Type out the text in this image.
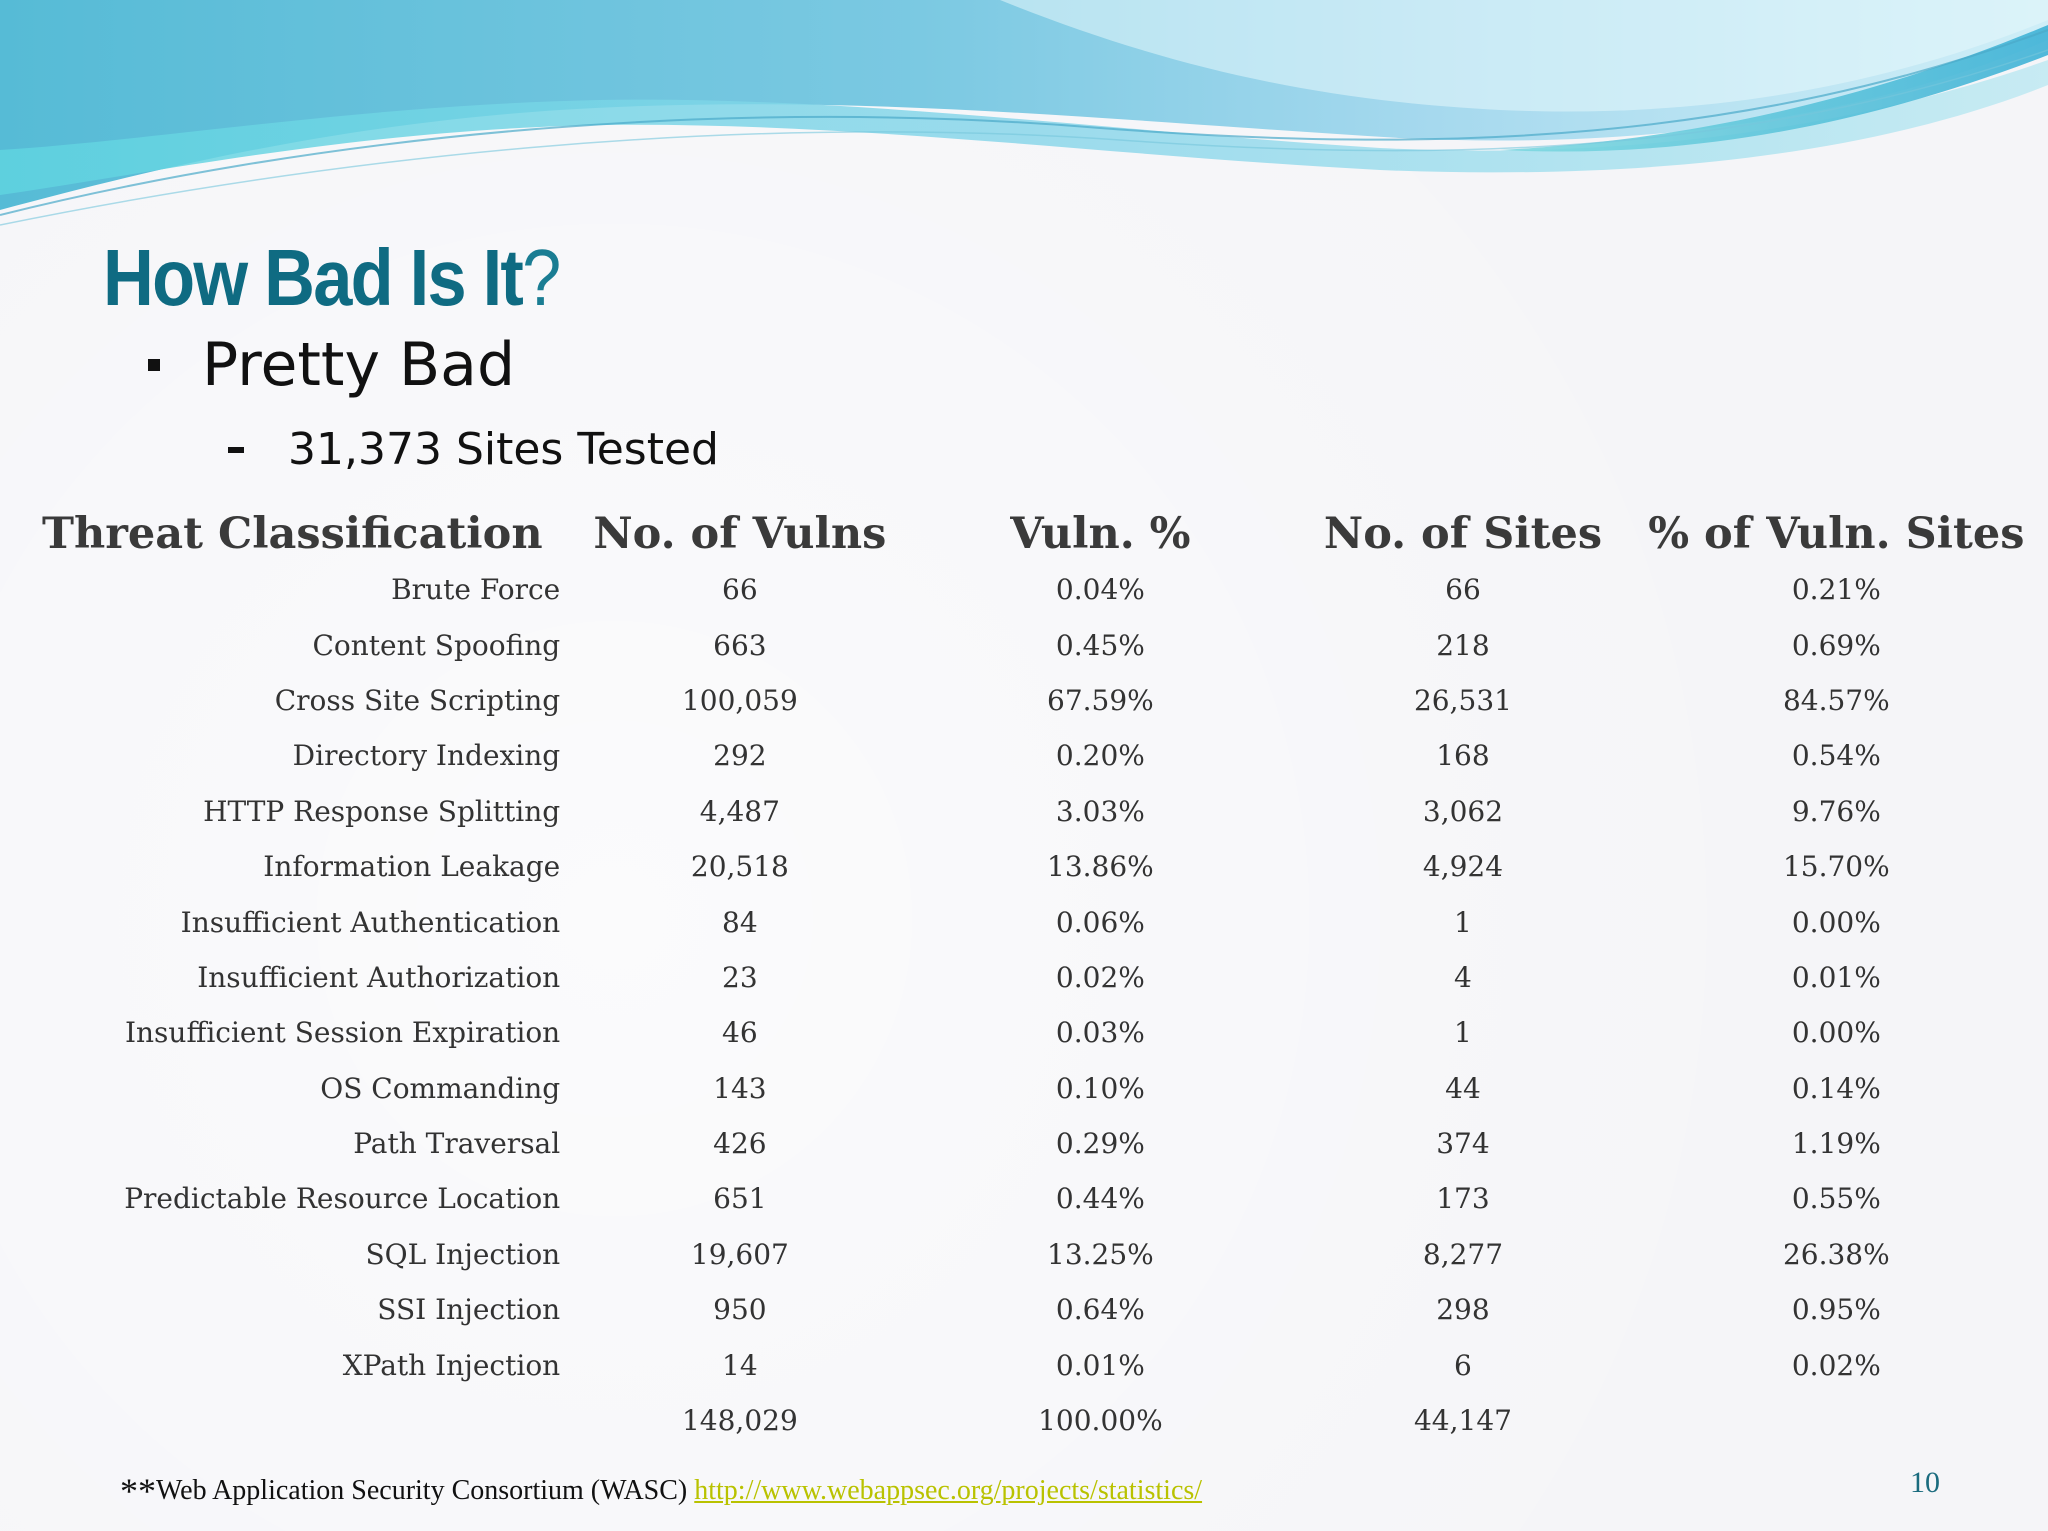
How Bad Is It?
Pretty Bad
31,373 Sites Tested
Threat Classification	No. of Vulns	Vuln. %	No. of Sites	% of Vuln. Sites
Brute Force	66	0.04%	66	0.21%
Content Spoofing	663	0.45%	218	0.69%
Cross Site Scripting	100,059	67.59%	26,531	84.57%
Directory Indexing	292	0.20%	168	0.54%
HTTP Response Splitting	4,487	3.03%	3,062	9.76%
Information Leakage	20,518	13.86%	4,924	15.70%
Insufficient Authentication	84	0.06%	1	0.00%
Insufficient Authorization	23	0.02%	4	0.01%
Insufficient Session Expiration	46	0.03%	1	0.00%
OS Commanding	143	0.10%	44	0.14%
Path Traversal	426	0.29%	374	1.19%
Predictable Resource Location	651	0.44%	173	0.55%
SQL Injection	19,607	13.25%	8,277	26.38%
SSI Injection	950	0.64%	298	0.95%
XPath Injection	14	0.01%	6	0.02%
	148,029	100.00%	44,147	
**Web Application Security Consortium (WASC) http://www.webappsec.org/projects/statistics/	10
